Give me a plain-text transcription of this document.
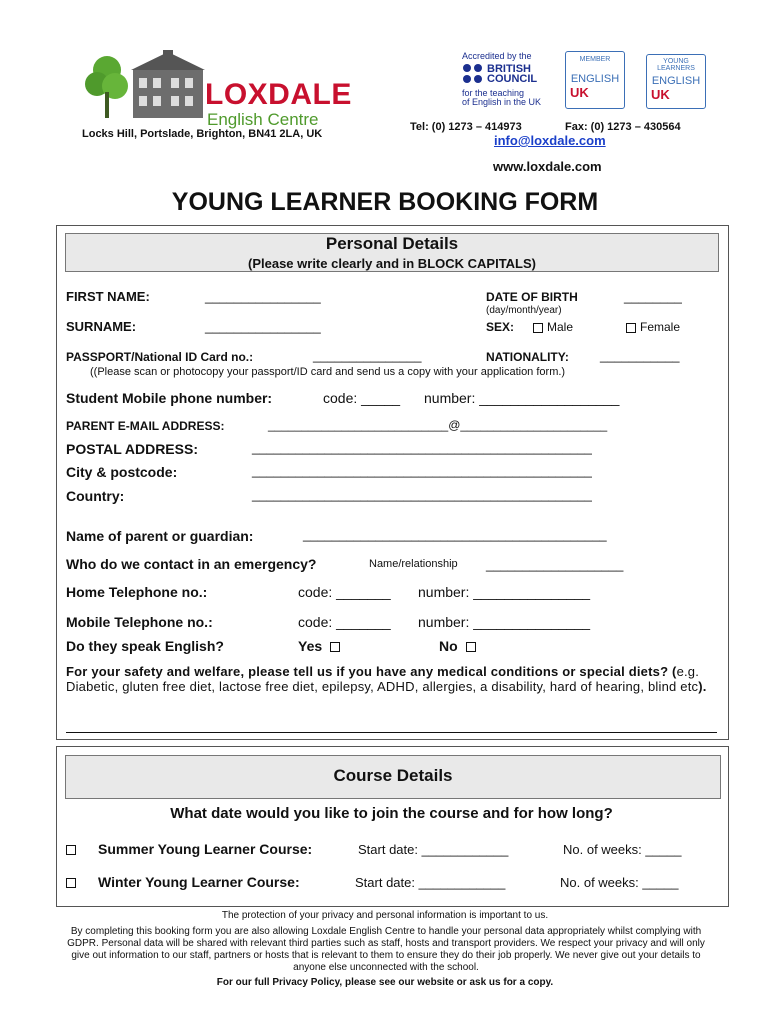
LOXDALE
English Centre
Locks Hill, Portslade, Brighton, BN41 2LA, UK
Accredited by the
BRITISH
COUNCIL
for the teaching
of English in the UK
MEMBER
ENGLISH
UK
YOUNG
LEARNERS
ENGLISH
UK
Tel: (0) 1273 – 414973	Fax: (0) 1273 – 430564
info@loxdale.com
www.loxdale.com
YOUNG LEARNER BOOKING FORM
Personal Details
(Please write clearly and in BLOCK CAPITALS)
FIRST NAME:	________________
SURNAME:	________________
DATE OF BIRTH	________
(day/month/year)
SEX:	Male	Female
PASSPORT/National ID Card no.:	_______________	NATIONALITY: ___________
((Please scan or photocopy your passport/ID card and send us a copy with your application form.)
Student Mobile phone number:	code: _____ number: __________________
PARENT E-MAIL ADDRESS:	___________________________@______________________
POSTAL ADDRESS:	_______________________________________________
City & postcode:	_______________________________________________
Country:	_______________________________________________
Name of parent or guardian:	__________________________________________
Who do we contact in an emergency?	Name/relationship ___________________
Home Telephone no.:	code: _______ number: _______________
Mobile Telephone no.:	code: _______ number: _______________
Do they speak English?	Yes	No
For your safety and welfare, please tell us if you have any medical conditions or special diets? (e.g. Diabetic, gluten free diet, lactose free diet, epilepsy, ADHD, allergies, a disability, hard of hearing, blind etc).
Course Details
What date would you like to join the course and for how long?
Summer Young Learner Course:	Start date: ____________	No. of weeks: _____
Winter Young Learner Course:	Start date: ____________	No. of weeks: _____
The protection of your privacy and personal information is important to us.
By completing this booking form you are also allowing Loxdale English Centre to handle your personal data appropriately whilst complying with GDPR. Personal data will be shared with relevant third parties such as staff, hosts and transport providers. We respect your privacy and will only give out information to our staff, partners or hosts that is relevant to them to ensure they do their job properly. We never give out your details to anyone else unconnected with the school.
For our full Privacy Policy, please see our website or ask us for a copy.
